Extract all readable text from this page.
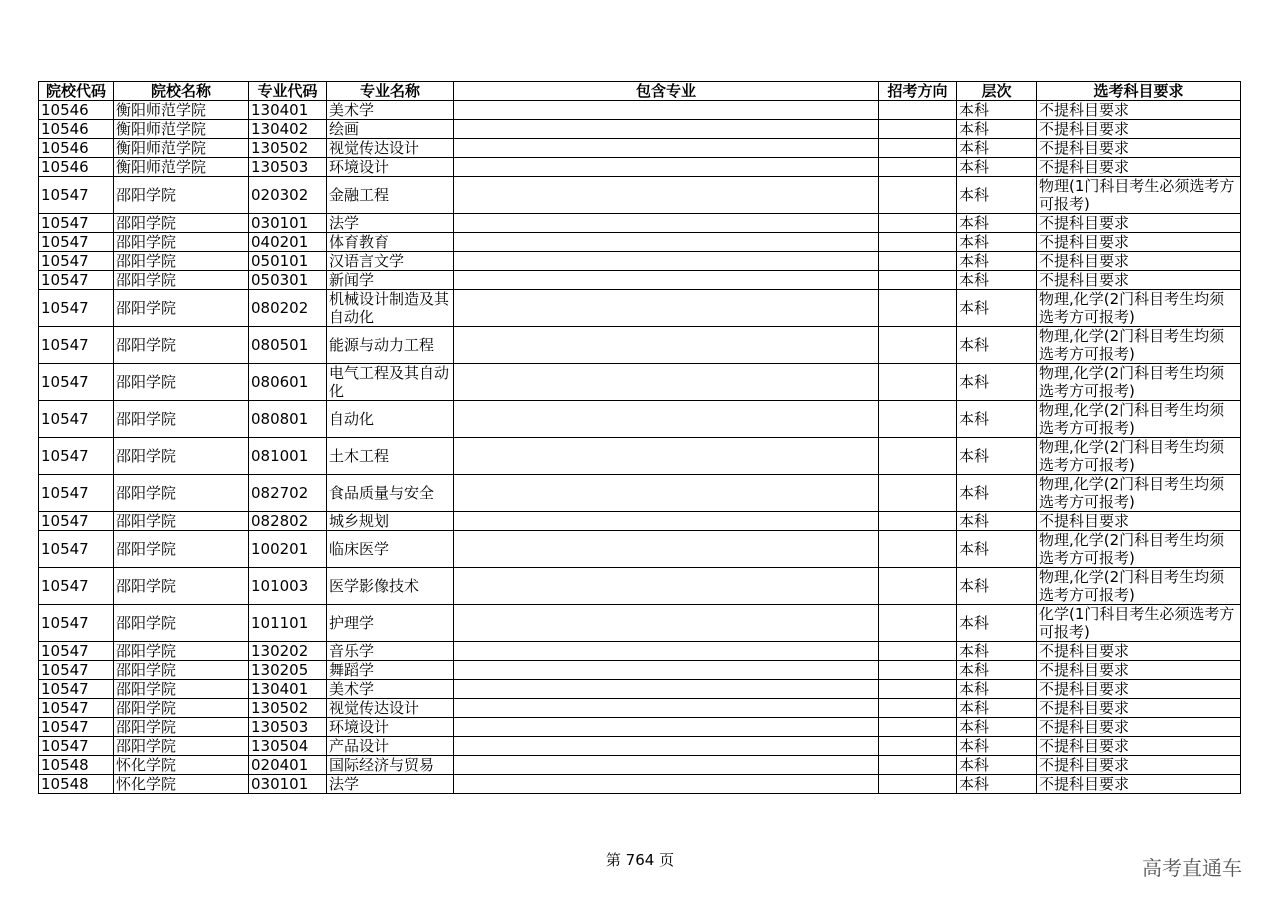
院校代码	院校名称	专业代码	专业名称	包含专业	招考方向	层次	选考科目要求
10546	衡阳师范学院	130401	美术学			本科	不提科目要求
10546	衡阳师范学院	130402	绘画			本科	不提科目要求
10546	衡阳师范学院	130502	视觉传达设计			本科	不提科目要求
10546	衡阳师范学院	130503	环境设计			本科	不提科目要求
10547	邵阳学院	020302	金融工程			本科	物理(1门科目考生必须选考方可报考)
10547	邵阳学院	030101	法学			本科	不提科目要求
10547	邵阳学院	040201	体育教育			本科	不提科目要求
10547	邵阳学院	050101	汉语言文学			本科	不提科目要求
10547	邵阳学院	050301	新闻学			本科	不提科目要求
10547	邵阳学院	080202	机械设计制造及其自动化			本科	物理,化学(2门科目考生均须选考方可报考)
10547	邵阳学院	080501	能源与动力工程			本科	物理,化学(2门科目考生均须选考方可报考)
10547	邵阳学院	080601	电气工程及其自动化			本科	物理,化学(2门科目考生均须选考方可报考)
10547	邵阳学院	080801	自动化			本科	物理,化学(2门科目考生均须选考方可报考)
10547	邵阳学院	081001	土木工程			本科	物理,化学(2门科目考生均须选考方可报考)
10547	邵阳学院	082702	食品质量与安全			本科	物理,化学(2门科目考生均须选考方可报考)
10547	邵阳学院	082802	城乡规划			本科	不提科目要求
10547	邵阳学院	100201	临床医学			本科	物理,化学(2门科目考生均须选考方可报考)
10547	邵阳学院	101003	医学影像技术			本科	物理,化学(2门科目考生均须选考方可报考)
10547	邵阳学院	101101	护理学			本科	化学(1门科目考生必须选考方可报考)
10547	邵阳学院	130202	音乐学			本科	不提科目要求
10547	邵阳学院	130205	舞蹈学			本科	不提科目要求
10547	邵阳学院	130401	美术学			本科	不提科目要求
10547	邵阳学院	130502	视觉传达设计			本科	不提科目要求
10547	邵阳学院	130503	环境设计			本科	不提科目要求
10547	邵阳学院	130504	产品设计			本科	不提科目要求
10548	怀化学院	020401	国际经济与贸易			本科	不提科目要求
10548	怀化学院	030101	法学			本科	不提科目要求
第 764 页	高考直通车
